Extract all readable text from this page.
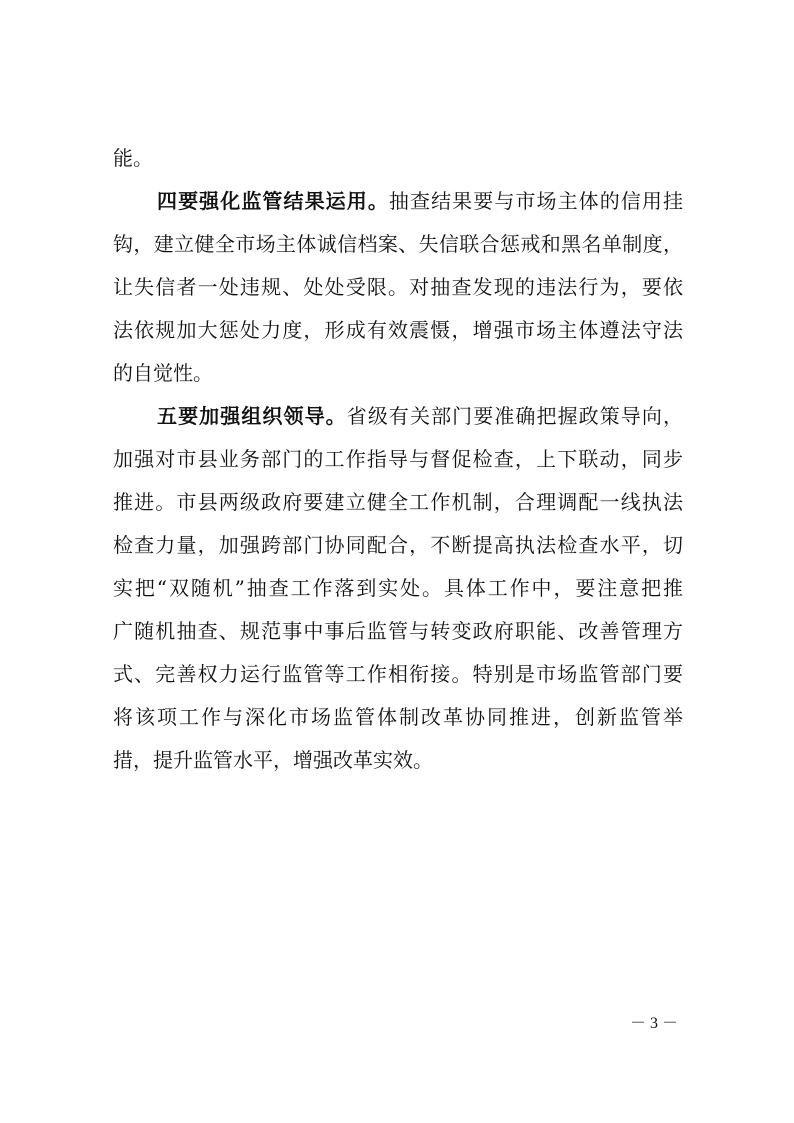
能。
四要强化监管结果运用。抽查结果要与市场主体的信用挂
钩，建立健全市场主体诚信档案、失信联合惩戒和黑名单制度，
让失信者一处违规、处处受限。对抽查发现的违法行为，要依
法依规加大惩处力度，形成有效震慑，增强市场主体遵法守法
的自觉性。
五要加强组织领导。省级有关部门要准确把握政策导向，
加强对市县业务部门的工作指导与督促检查，上下联动，同步
推进。市县两级政府要建立健全工作机制，合理调配一线执法
检查力量，加强跨部门协同配合，不断提高执法检查水平，切
实把“双随机”抽查工作落到实处。具体工作中，要注意把推
广随机抽查、规范事中事后监管与转变政府职能、改善管理方
式、完善权力运行监管等工作相衔接。特别是市场监管部门要
将该项工作与深化市场监管体制改革协同推进，创新监管举
措，提升监管水平，增强改革实效。
－ 3 －
